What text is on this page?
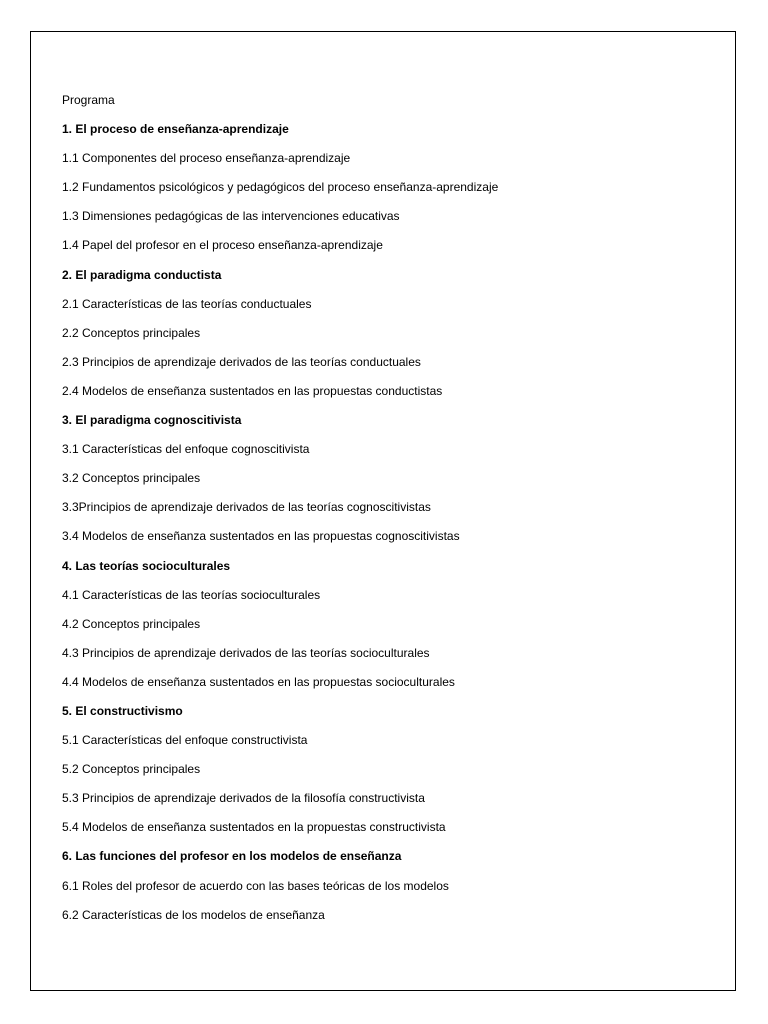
Programa
1. El proceso de enseñanza-aprendizaje
1.1 Componentes del proceso enseñanza-aprendizaje
1.2 Fundamentos psicológicos y pedagógicos del proceso enseñanza-aprendizaje
1.3 Dimensiones pedagógicas de las intervenciones educativas
1.4 Papel del profesor en el proceso enseñanza-aprendizaje
2. El paradigma conductista
2.1 Características de las teorías conductuales
2.2 Conceptos principales
2.3 Principios de aprendizaje derivados de las teorías conductuales
2.4 Modelos de enseñanza sustentados en las propuestas conductistas
3. El paradigma cognoscitivista
3.1 Características del enfoque cognoscitivista
3.2 Conceptos principales
3.3Principios de aprendizaje derivados de las teorías cognoscitivistas
3.4 Modelos de enseñanza sustentados en las propuestas cognoscitivistas
4. Las teorías socioculturales
4.1 Características de las teorías socioculturales
4.2 Conceptos principales
4.3 Principios de aprendizaje derivados de las teorías socioculturales
4.4 Modelos de enseñanza sustentados en las propuestas socioculturales
5. El constructivismo
5.1 Características del enfoque constructivista
5.2 Conceptos principales
5.3 Principios de aprendizaje derivados de la filosofía constructivista
5.4 Modelos de enseñanza sustentados en la propuestas constructivista
6. Las funciones del profesor en los modelos de enseñanza
6.1 Roles del profesor de acuerdo con las bases teóricas de los modelos
6.2 Características de los modelos de enseñanza
